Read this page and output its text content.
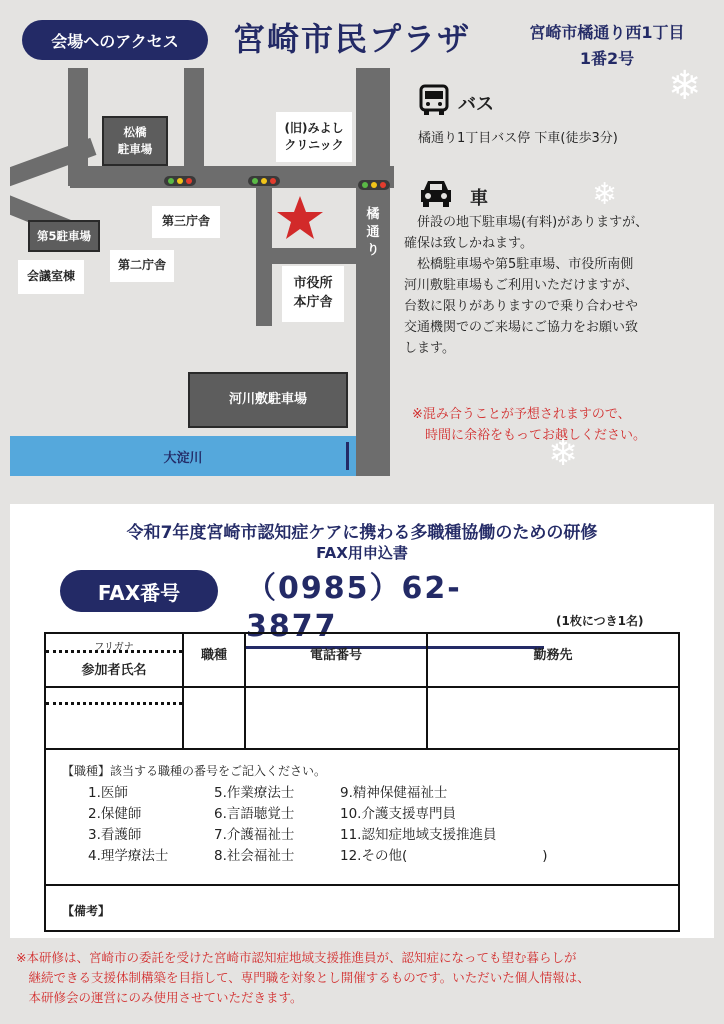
会場へのアクセス	宮崎市民プラザ	宮崎市橘通り西1丁目
1番2号
大淀川
松橋
駐車場
(旧)みよし
クリニック
第三庁舎
第5駐車場
会議室棟
第二庁舎
市役所
本庁舎
河川敷駐車場
橘
通
り
バス
橘通り1丁目バス停 下車(徒歩3分)
車
　併設の地下駐車場(有料)がありますが、
確保は致しかねます。
　松橋駐車場や第5駐車場、市役所南側
河川敷駐車場もご利用いただけますが、
台数に限りがありますので乗り合わせや
交通機関でのご来場にご協力をお願い致
します。
※混み合うことが予想されますので、
　時間に余裕をもってお越しください。
❄
❄
❄
令和7年度宮崎市認知症ケアに携わる多職種協働のための研修
FAX用申込書
FAX番号	（0985）62-3877	(1枚につき1名)
フリガナ
参加者氏名
	職種	電話番号	勤務先

【職種】該当する職種の番号をご記入ください。
1.医師	5.作業療法士	9.精神保健福祉士
2.保健師	6.言語聴覚士	10.介護支援専門員
3.看護師	7.介護福祉士	11.認知症地域支援推進員
4.理学療法士	8.社会福祉士	12.その他(　　　　　　　　　　)

【備考】
※本研修は、宮崎市の委託を受けた宮崎市認知症地域支援推進員が、認知症になっても望む暮らしが
　継続できる支援体制構築を目指して、専門職を対象とし開催するものです。いただいた個人情報は、
　本研修会の運営にのみ使用させていただきます。
